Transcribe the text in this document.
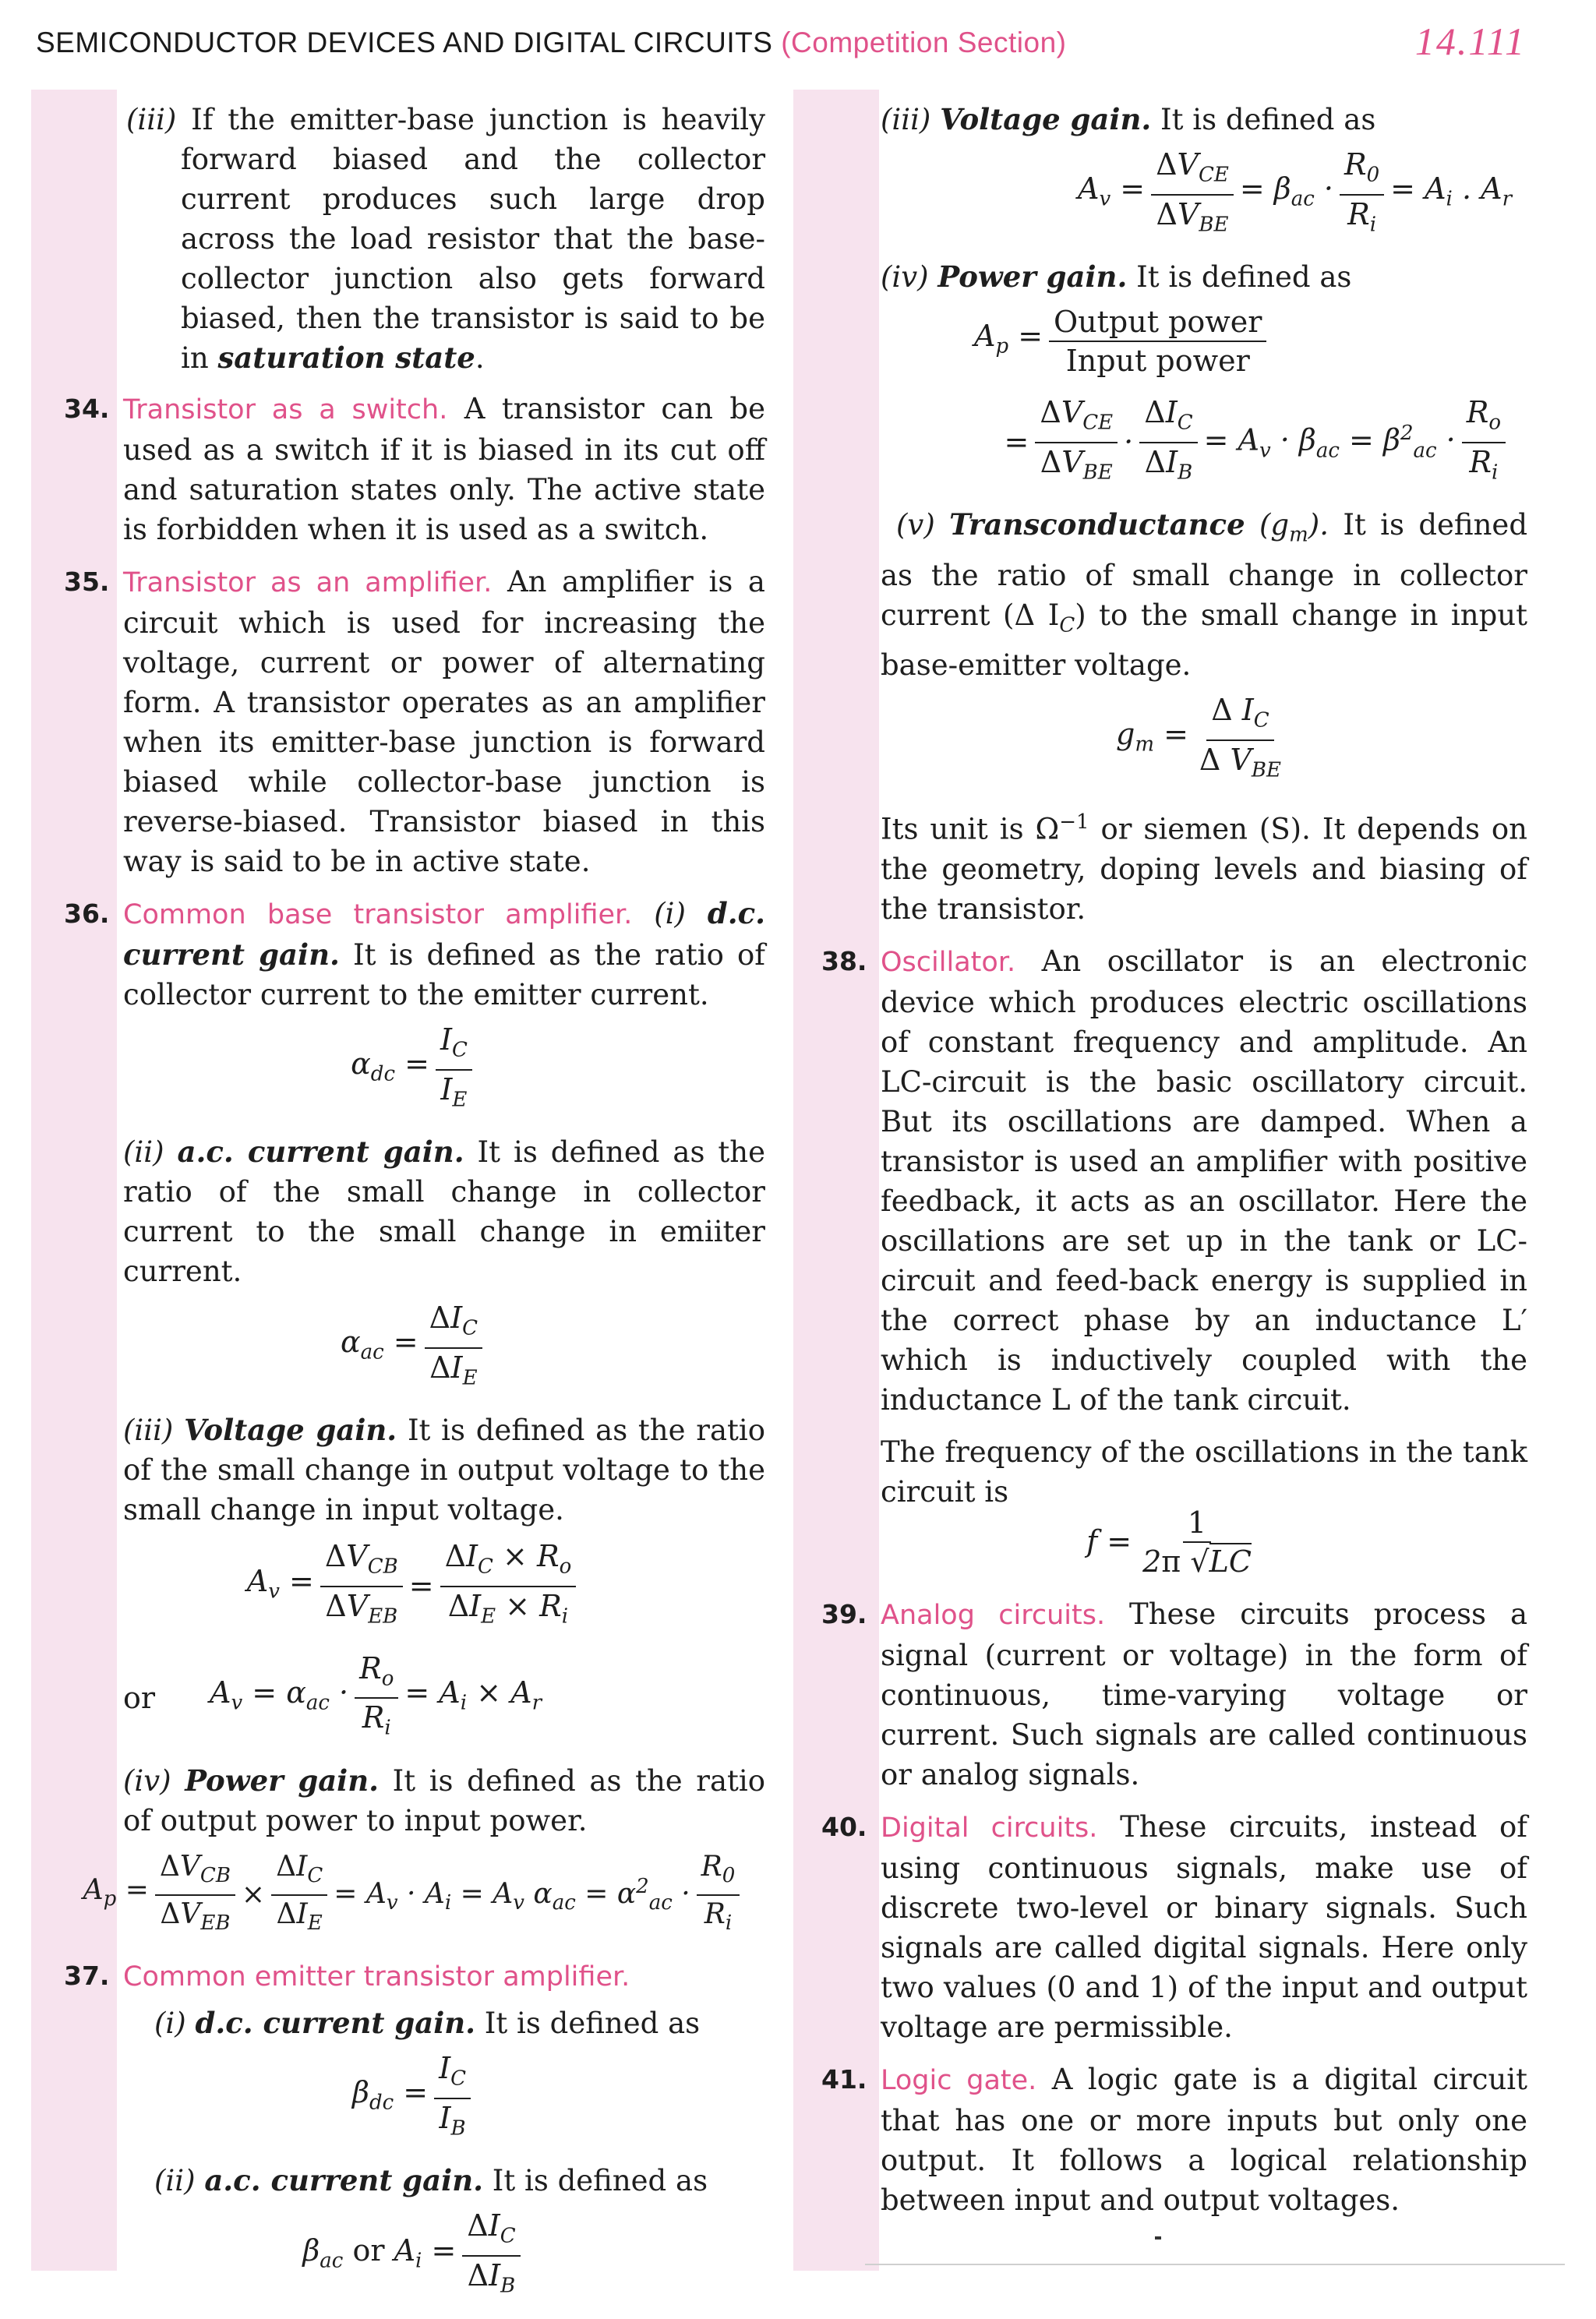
SEMICONDUCTOR DEVICES AND DIGITAL CIRCUITS (Competition Section)	14.111

(iii) If the emitter-base junction is heavily forward biased and the collector current produces such large drop across the load resistor that the base-collector junction also gets forward biased, then the transistor is said to be in saturation state.

34. Transistor as a switch. A transistor can be used as a switch if it is biased in its cut off and saturation states only. The active state is forbidden when it is used as a switch.

35. Transistor as an amplifier. An amplifier is a circuit which is used for increasing the voltage, current or power of alternating form. A transistor operates as an amplifier when its emitter-base junction is forward biased while collector-base junction is reverse-biased. Transistor biased in this way is said to be in active state.

36. Common base transistor amplifier. (i) d.c. current gain. It is defined as the ratio of collector current to the emitter current.

$\alpha_{dc} = \frac{I_C}{I_E}$

(ii) a.c. current gain. It is defined as the ratio of the small change in collector current to the small change in emiiter current.

$\alpha_{ac} = \frac{\Delta I_C}{\Delta I_E}$

(iii) Voltage gain. It is defined as the ratio of the small change in output voltage to the small change in input voltage.

$A_v = \frac{\Delta V_{CB}}{\Delta V_{EB}} = \frac{\Delta I_C \times R_o}{\Delta I_E \times R_i}$
or $A_v = \alpha_{ac} \cdot \frac{R_o}{R_i} = A_i \times A_r$

(iv) Power gain. It is defined as the ratio of output power to input power.

$A_p = \frac{\Delta V_{CB}}{\Delta V_{EB}} \times \frac{\Delta I_C}{\Delta I_E} = A_v \cdot A_i = A_v$ $\alpha_{ac} = \alpha^2_{ac} \cdot \frac{R_0}{R_i}$

37. Common emitter transistor amplifier.

(i) d.c. current gain. It is defined as

$\beta_{dc} = \frac{I_C}{I_B}$

(ii) a.c. current gain. It is defined as

$\beta_{ac}$ or $A_i = \frac{\Delta I_C}{\Delta I_B}$

(iii) Voltage gain. It is defined as

$A_v = \frac{\Delta V_{CE}}{\Delta V_{BE}} = \beta_{ac} \cdot \frac{R_0}{R_i} = A_i$ . $A_r$

(iv) Power gain. It is defined as

$A_p = \frac{\text{Output power}}{\text{Input power}}$
= $\frac{\Delta V_{CE}}{\Delta V_{BE}} \cdot \frac{\Delta I_C}{\Delta I_B} = A_v \cdot \beta_{ac} = \beta^2_{ac} \cdot \frac{R_o}{R_i}$

(v) Transconductance $(g_m)$. It is defined as the ratio of small change in collector current (Δ $I_C$) to the small change in input base-emitter voltage.

$g_m = \frac{\Delta I_C}{\Delta V_{BE}}$

Its unit is $\Omega^{-1}$ or siemen (S). It depends on the geometry, doping levels and biasing of the transistor.

38. Oscillator. An oscillator is an electronic device which produces electric oscillations of constant frequency and amplitude. An LC-circuit is the basic oscillatory circuit. But its oscillations are damped. When a transistor is used an amplifier with positive feedback, it acts as an oscillator. Here the oscillations are set up in the tank or LC-circuit and feed-back energy is supplied in the correct phase by an inductance L′ which is inductively coupled with the inductance L of the tank circuit.

The frequency of the oscillations in the tank circuit is

$f = \frac{1}{2\pi √LC}$

39. Analog circuits. These circuits process a signal (current or voltage) in the form of continuous, time-varying voltage or current. Such signals are called continuous or analog signals.

40. Digital circuits. These circuits, instead of using continuous signals, make use of discrete two-level or binary signals. Such signals are called digital signals. Here only two values (0 and 1) of the input and output voltage are permissible.

41. Logic gate. A logic gate is a digital circuit that has one or more inputs but only one output. It follows a logical relationship between input and output voltages.
